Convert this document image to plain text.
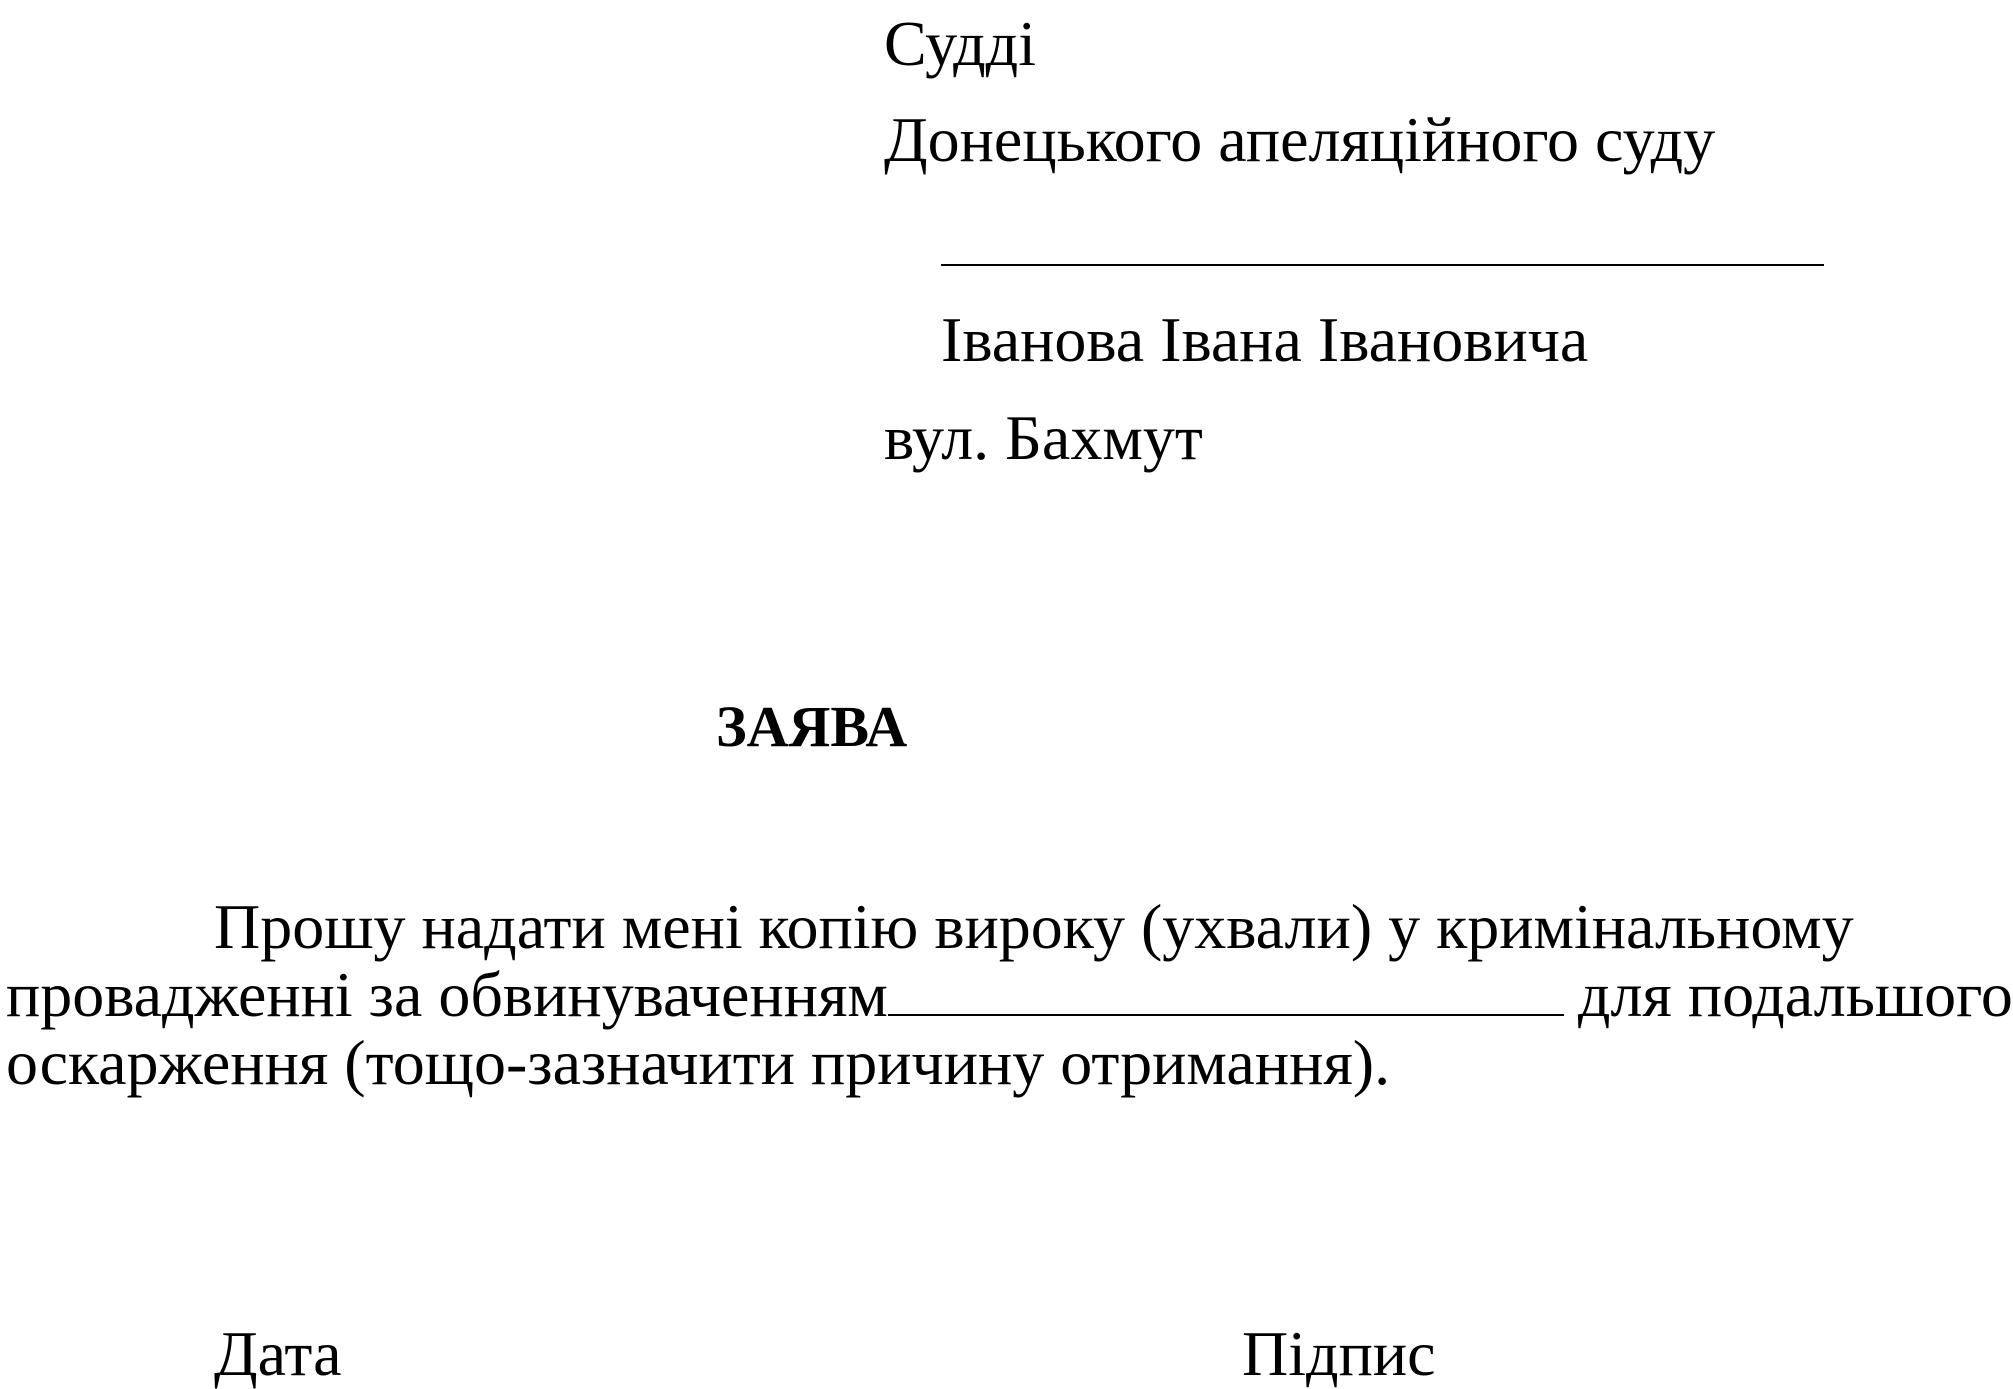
Судді
Донецького апеляційного суду
Іванова Івана Івановича
вул. Бахмут
ЗАЯВА
Прошу надати мені копію вироку (ухвали) у кримінальному
провадженні за обвинуваченням	для подальшого
оскарження (тощо-зазначити причину отримання).
Дата	Підпис
